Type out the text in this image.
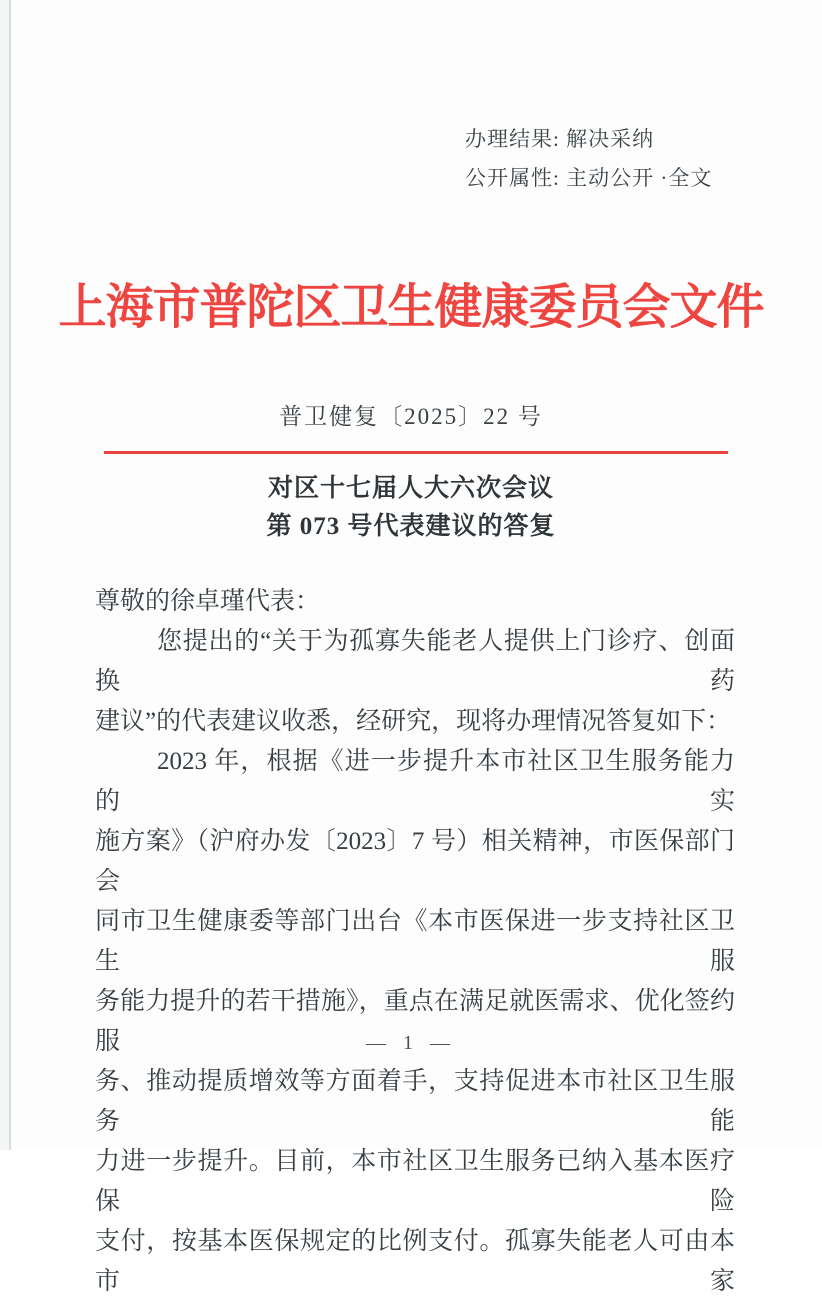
办理结果: 解决采纳
公开属性: 主动公开 ·全文
上海市普陀区卫生健康委员会文件
普卫健复〔2025〕22 号
对区十七届人大六次会议
第 073 号代表建议的答复
尊敬的徐卓瑾代表：
您提出的“关于为孤寡失能老人提供上门诊疗、创面换药
建议”的代表建议收悉，经研究，现将办理情况答复如下：
2023 年，根据《进一步提升本市社区卫生服务能力的实
施方案》（沪府办发〔2023〕7 号）相关精神，市医保部门会
同市卫生健康委等部门出台《本市医保进一步支持社区卫生服
务能力提升的若干措施》，重点在满足就医需求、优化签约服
务、推动提质增效等方面着手，支持促进本市社区卫生服务能
力进一步提升。目前，本市社区卫生服务已纳入基本医疗保险
支付，按基本医保规定的比例支付。孤寡失能老人可由本市家
— 1 —
